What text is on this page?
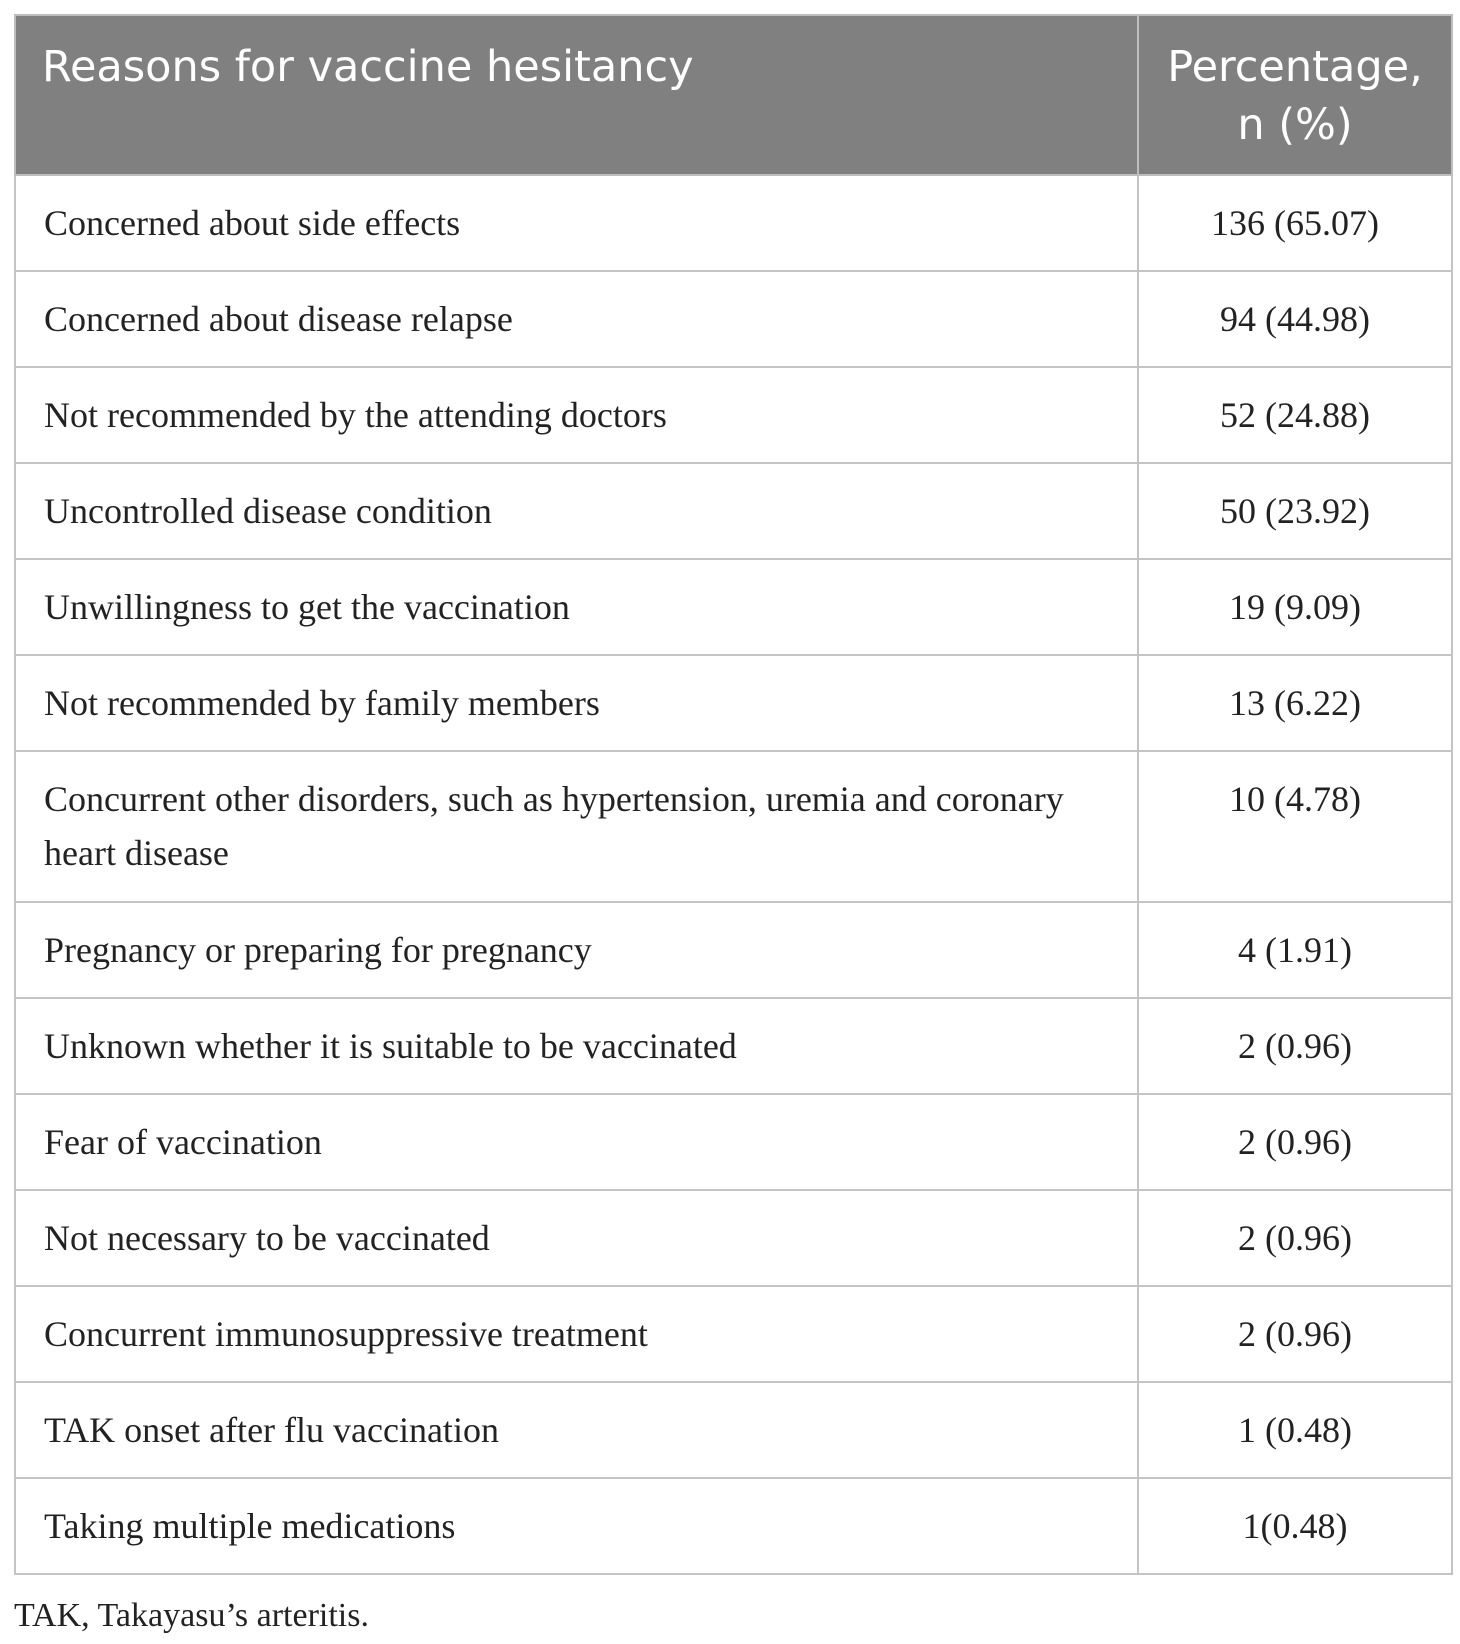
Reasons for vaccine hesitancy	Percentage,
n (%)
Concerned about side effects	136 (65.07)
Concerned about disease relapse	94 (44.98)
Not recommended by the attending doctors	52 (24.88)
Uncontrolled disease condition	50 (23.92)
Unwillingness to get the vaccination	19 (9.09)
Not recommended by family members	13 (6.22)
Concurrent other disorders, such as hypertension, uremia and coronary heart disease	10 (4.78)
Pregnancy or preparing for pregnancy	4 (1.91)
Unknown whether it is suitable to be vaccinated	2 (0.96)
Fear of vaccination	2 (0.96)
Not necessary to be vaccinated	2 (0.96)
Concurrent immunosuppressive treatment	2 (0.96)
TAK onset after flu vaccination	1 (0.48)
Taking multiple medications	1(0.48)
TAK, Takayasu’s arteritis.
